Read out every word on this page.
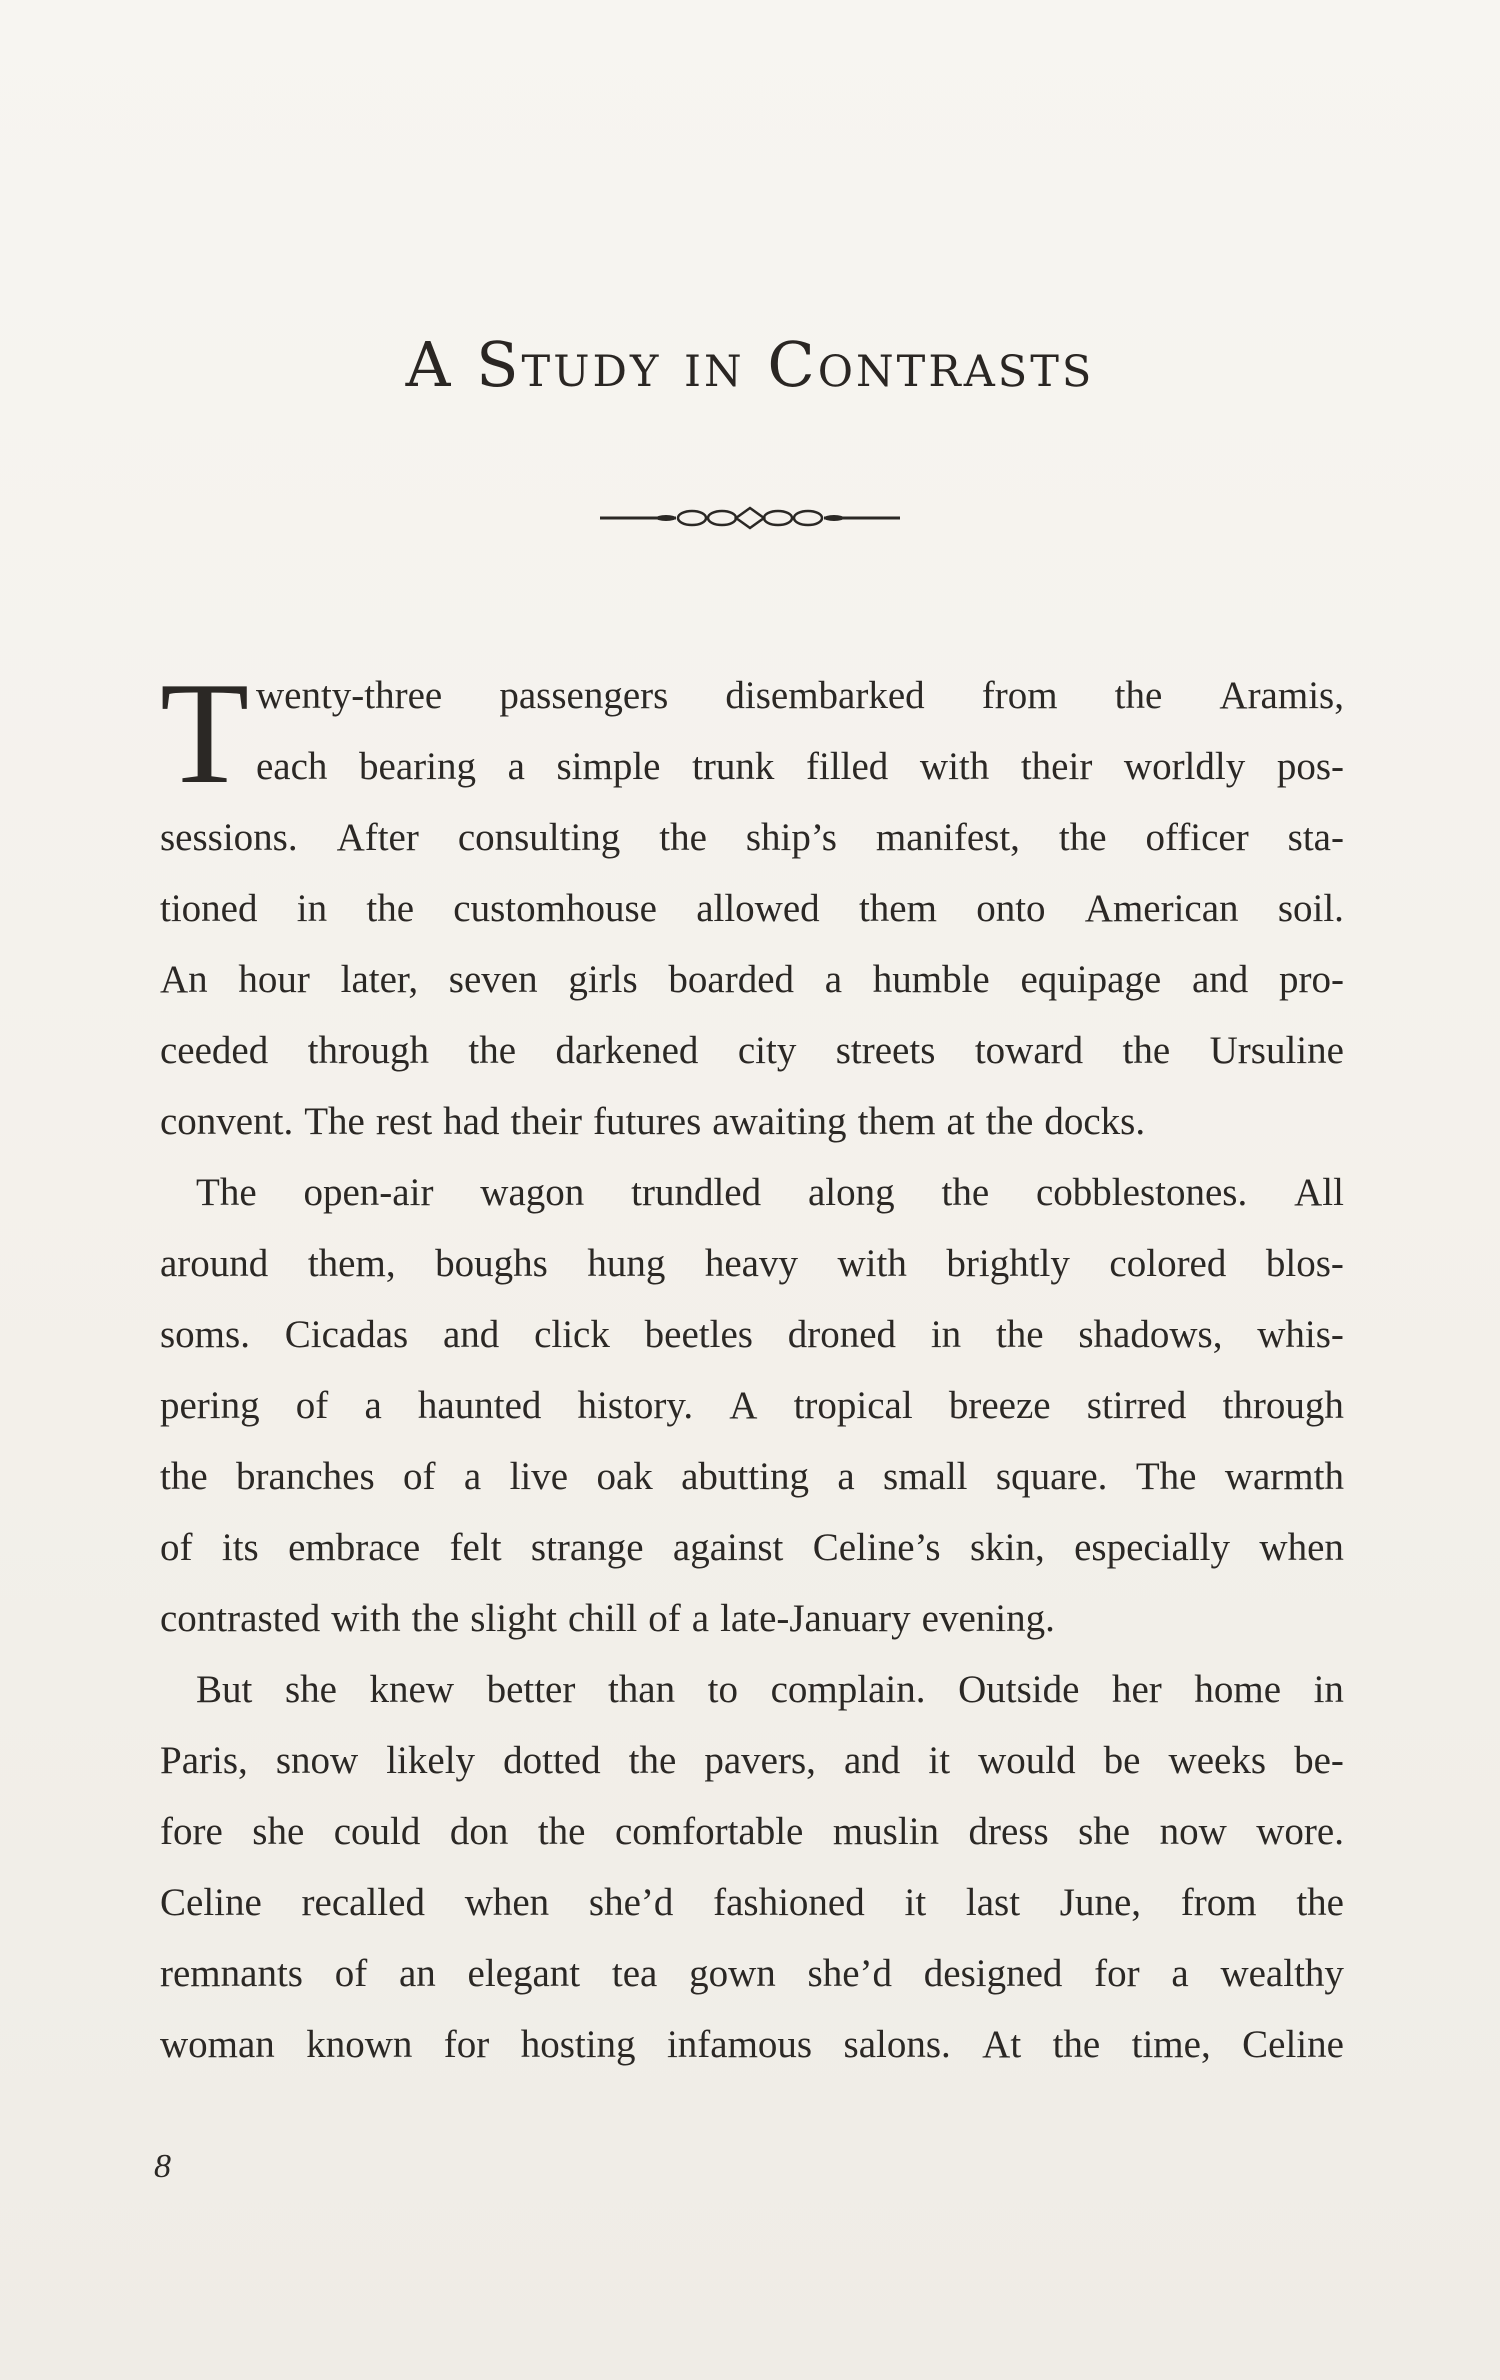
A Study in Contrasts
T wenty-three passengers disembarked from the Aramis,
each bearing a simple trunk filled with their worldly pos-
sessions. After consulting the ship’s manifest, the officer sta-
tioned in the customhouse allowed them onto American soil.
An hour later, seven girls boarded a humble equipage and pro-
ceeded through the darkened city streets toward the Ursuline
convent. The rest had their futures awaiting them at the docks.
The open-air wagon trundled along the cobblestones. All
around them, boughs hung heavy with brightly colored blos-
soms. Cicadas and click beetles droned in the shadows, whis-
pering of a haunted history. A tropical breeze stirred through
the branches of a live oak abutting a small square. The warmth
of its embrace felt strange against Celine’s skin, especially when
contrasted with the slight chill of a late-January evening.
But she knew better than to complain. Outside her home in
Paris, snow likely dotted the pavers, and it would be weeks be-
fore she could don the comfortable muslin dress she now wore.
Celine recalled when she’d fashioned it last June, from the
remnants of an elegant tea gown she’d designed for a wealthy
woman known for hosting infamous salons. At the time, Celine
8
